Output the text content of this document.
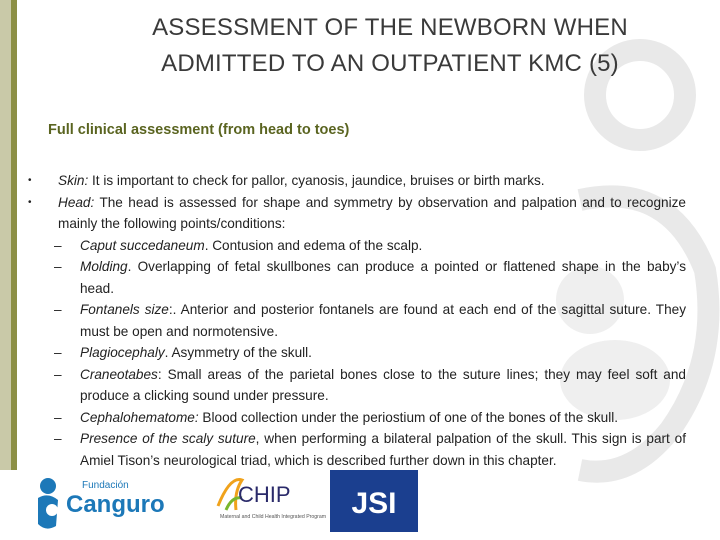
ASSESSMENT OF THE NEWBORN WHEN
ADMITTED TO AN OUTPATIENT KMC (5)
Full clinical assessment (from head to toes)
•	Skin: It is important to check for pallor, cyanosis, jaundice, bruises or birth marks.
•	Head: The head is assessed for shape and symmetry by observation and palpation and to recognize mainly the following points/conditions:
–	Caput succedaneum. Contusion and edema of the scalp.
–	Molding. Overlapping of fetal skullbones can produce a pointed or flattened shape in the baby’s head.
–	Fontanels size:. Anterior and posterior fontanels are found at each end of the sagittal suture. They must be open and normotensive.
–	Plagiocephaly. Asymmetry of the skull.
–	Craneotabes: Small areas of the parietal bones close to the suture lines; they may feel soft and produce a clicking sound under pressure.
–	Cephalohematome: Blood collection under the periostium of one of the bones of the skull.
–	Presence of the scaly suture, when performing a bilateral palpation of the skull. This sign is part of Amiel Tison’s neurological triad, which is described further down in this chapter.
Fundación
Canguro	CHIP
Maternal and Child Health Integrated Program JSI
